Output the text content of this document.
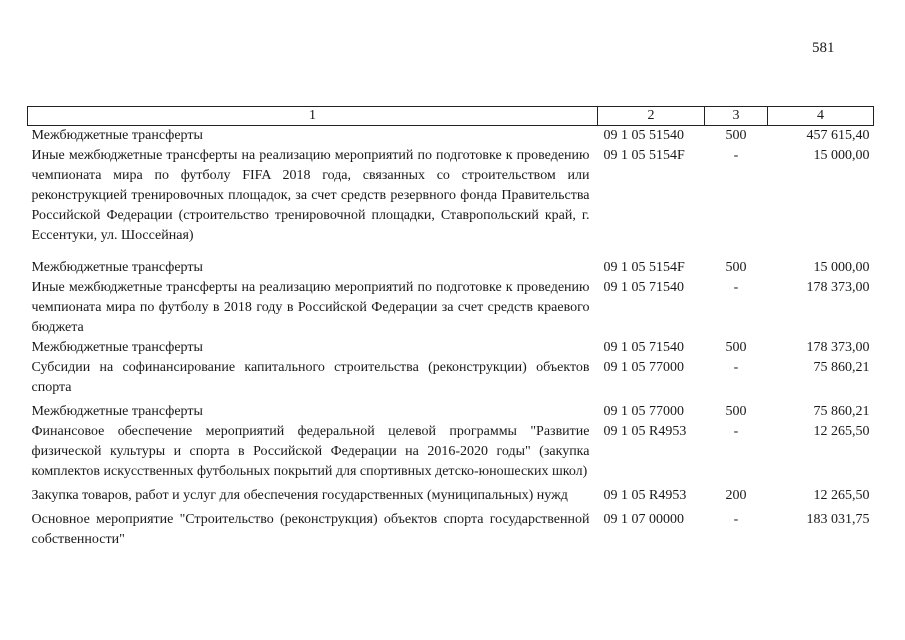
581
1	2	3	4
Межбюджетные трансферты	09 1 05 51540	500	457 615,40
Иные межбюджетные трансферты на реализацию мероприятий по подготовке к проведению чемпионата мира по футболу FIFA 2018 года, связанных со строительством или реконструкцией тренировочных площадок, за счет средств резервного фонда Правительства Российской Федерации (строительство тренировочной площадки, Ставропольский край, г. Ессентуки, ул. Шоссейная)	09 1 05 5154F	-	15 000,00
Межбюджетные трансферты	09 1 05 5154F	500	15 000,00
Иные межбюджетные трансферты на реализацию мероприятий по подготовке к проведению чемпионата мира по футболу в 2018 году в Российской Федерации за счет средств краевого бюджета	09 1 05 71540	-	178 373,00
Межбюджетные трансферты	09 1 05 71540	500	178 373,00
Субсидии на софинансирование капитального строительства (реконструкции) объектов спорта	09 1 05 77000	-	75 860,21
Межбюджетные трансферты	09 1 05 77000	500	75 860,21
Финансовое обеспечение мероприятий федеральной целевой программы "Развитие физической культуры и спорта в Российской Федерации на 2016-2020 годы" (закупка комплектов искусственных футбольных покрытий для спортивных детско-юношеских школ)	09 1 05 R4953	-	12 265,50
Закупка товаров, работ и услуг для обеспечения государственных (муниципальных) нужд	09 1 05 R4953	200	12 265,50
Основное мероприятие "Строительство (реконструкция) объектов спорта государственной собственности"	09 1 07 00000	-	183 031,75
